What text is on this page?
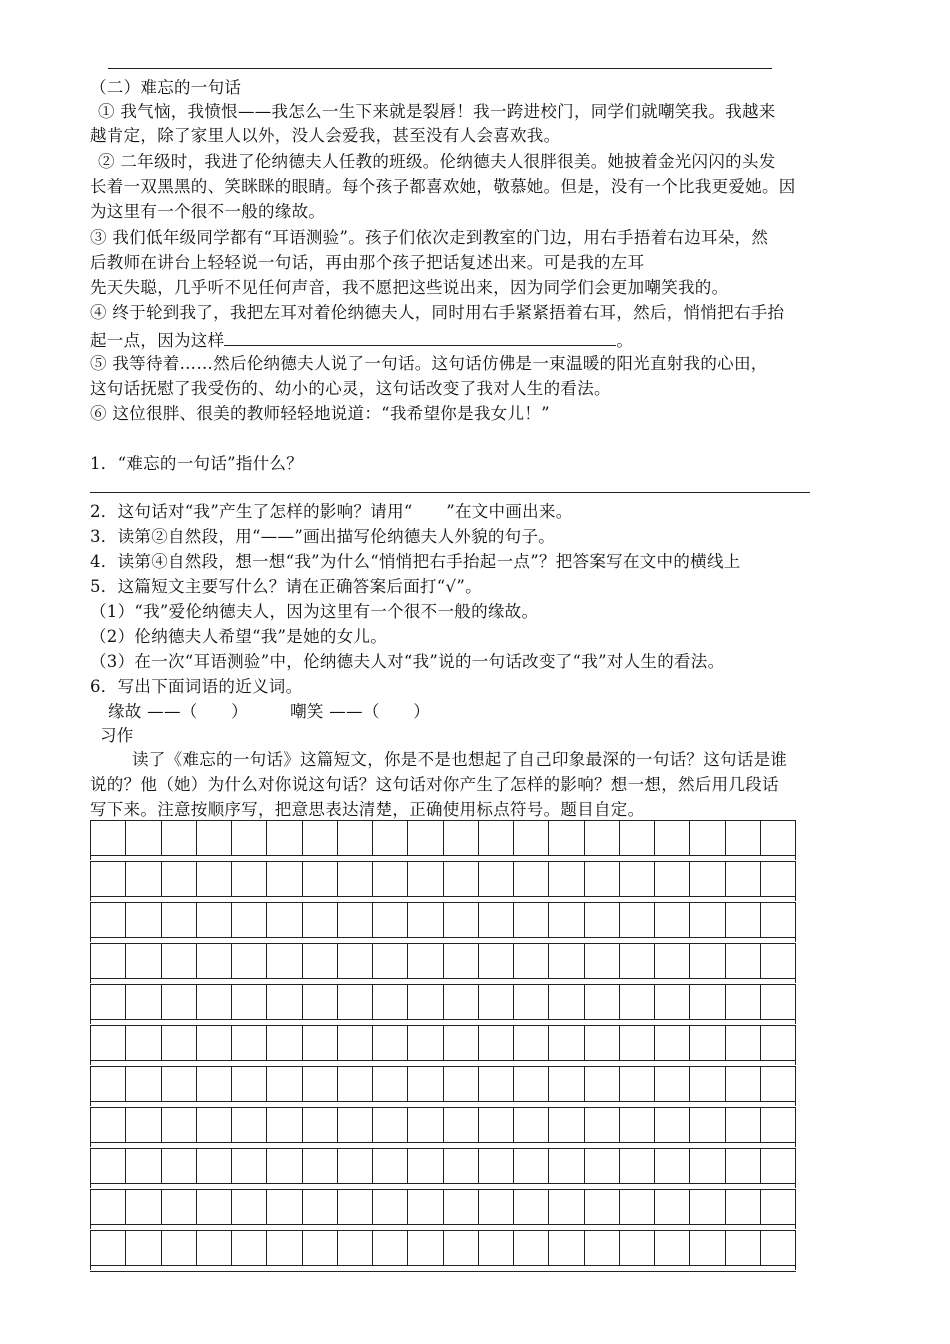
（二）难忘的一句话
① 我气恼，我愤恨——我怎么一生下来就是裂唇！我一跨进校门，同学们就嘲笑我。我越来
越肯定，除了家里人以外，没人会爱我，甚至没有人会喜欢我。
② 二年级时，我进了伦纳德夫人任教的班级。伦纳德夫人很胖很美。她披着金光闪闪的头发
长着一双黑黑的、笑眯眯的眼睛。每个孩子都喜欢她，敬慕她。但是，没有一个比我更爱她。因
为这里有一个很不一般的缘故。
③ 我们低年级同学都有“耳语测验”。孩子们依次走到教室的门边，用右手捂着右边耳朵，然
后教师在讲台上轻轻说一句话，再由那个孩子把话复述出来。可是我的左耳
先天失聪，几乎听不见任何声音，我不愿把这些说出来，因为同学们会更加嘲笑我的。
④ 终于轮到我了，我把左耳对着伦纳德夫人，同时用右手紧紧捂着右耳，然后，悄悄把右手抬
起一点，因为这样	。
⑤ 我等待着……然后伦纳德夫人说了一句话。这句话仿佛是一束温暖的阳光直射我的心田，
这句话抚慰了我受伤的、幼小的心灵，这句话改变了我对人生的看法。
⑥ 这位很胖、很美的教师轻轻地说道：“我希望你是我女儿！”
1．“难忘的一句话”指什么？
2．这句话对“我”产生了怎样的影响？请用“　　”在文中画出来。
3．读第②自然段，用“——”画出描写伦纳德夫人外貌的句子。
4．读第④自然段，想一想“我”为什么“悄悄把右手抬起一点”？把答案写在文中的横线上
5．这篇短文主要写什么？请在正确答案后面打“√”。
（1）“我”爱伦纳德夫人，因为这里有一个很不一般的缘故。
（2）伦纳德夫人希望“我”是她的女儿。
（3）在一次“耳语测验”中，伦纳德夫人对“我”说的一句话改变了“我”对人生的看法。
6．写出下面词语的近义词。
缘故 ——（　　）　　　嘲笑 ——（　　）
习作
读了《难忘的一句话》这篇短文，你是不是也想起了自己印象最深的一句话？这句话是谁
说的？他（她）为什么对你说这句话？这句话对你产生了怎样的影响？想一想，然后用几段话
写下来。注意按顺序写，把意思表达清楚，正确使用标点符号。题目自定。
